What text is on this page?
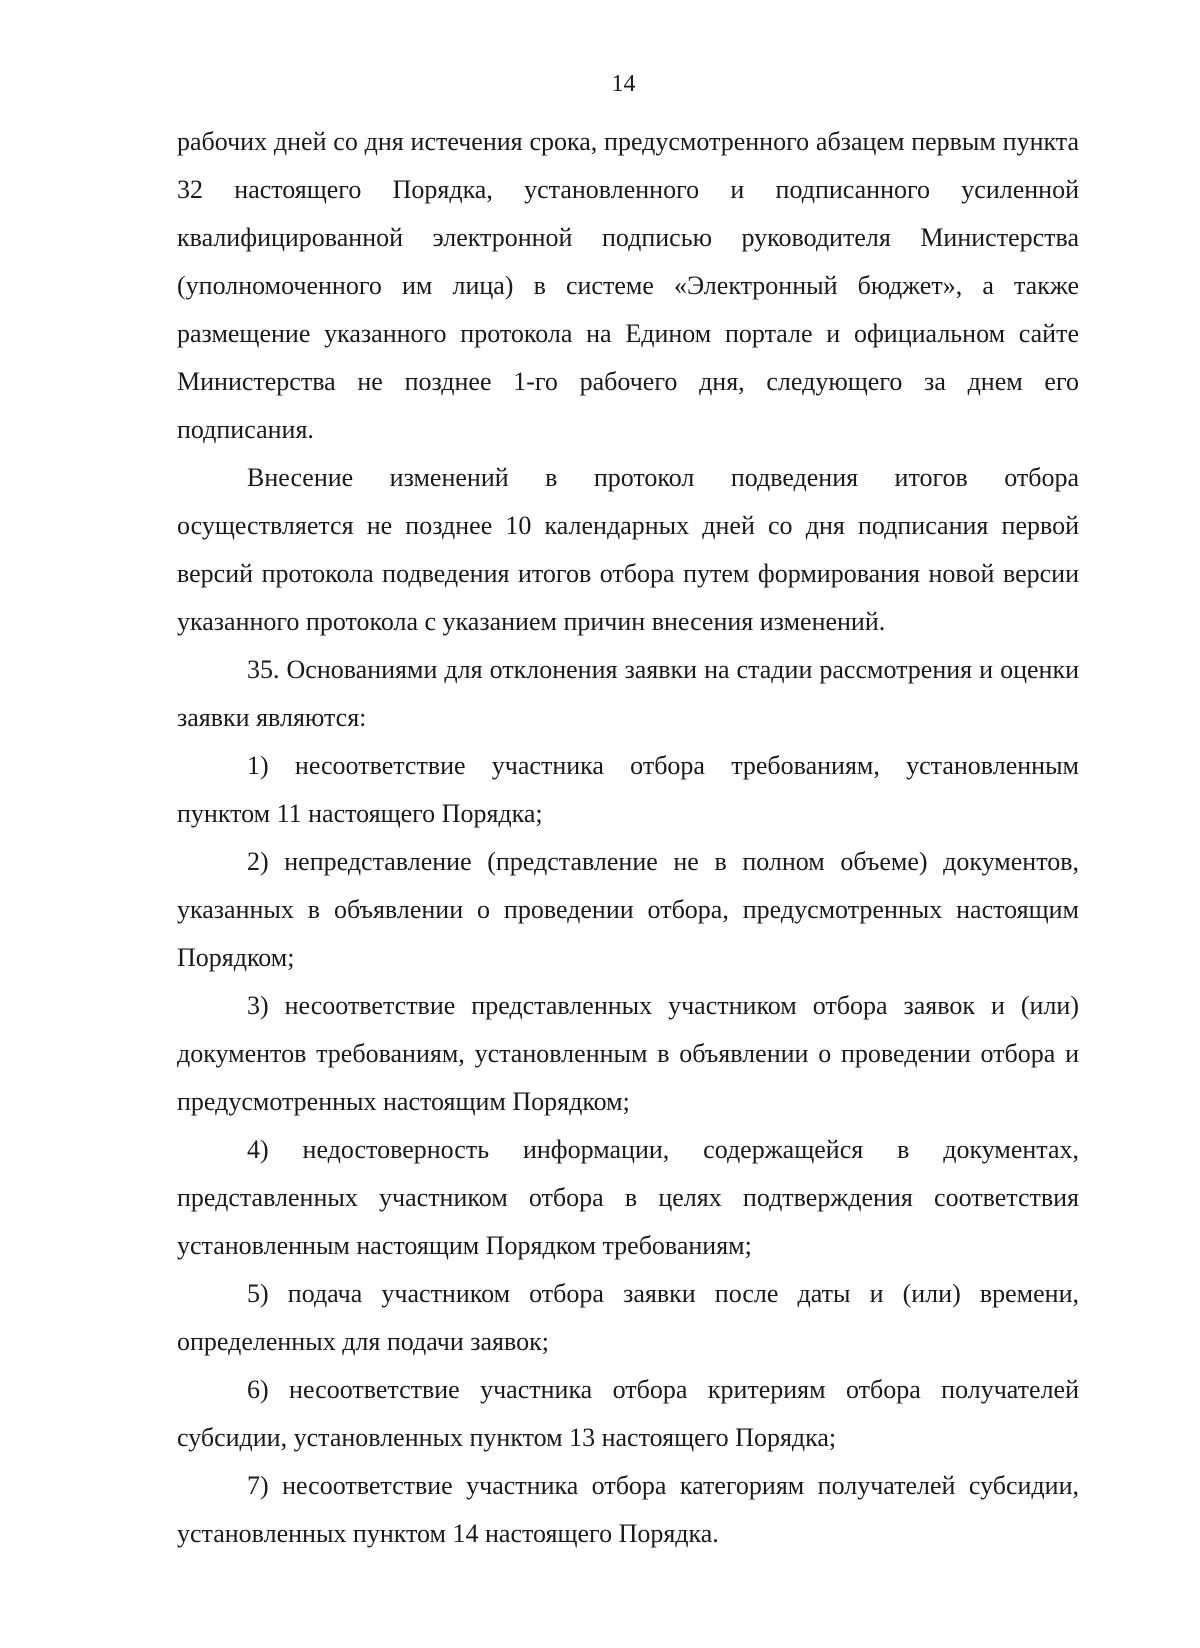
14

рабочих дней со дня истечения срока, предусмотренного абзацем первым пункта 32 настоящего Порядка, установленного и подписанного усиленной квалифицированной электронной подписью руководителя Министерства (уполномоченного им лица) в системе «Электронный бюджет», а также размещение указанного протокола на Едином портале и официальном сайте Министерства не позднее 1-го рабочего дня, следующего за днем его подписания.

Внесение изменений в протокол подведения итогов отбора осуществляется не позднее 10 календарных дней со дня подписания первой версий протокола подведения итогов отбора путем формирования новой версии указанного протокола с указанием причин внесения изменений.

35. Основаниями для отклонения заявки на стадии рассмотрения и оценки заявки являются:

1) несоответствие участника отбора требованиям, установленным пунктом 11 настоящего Порядка;

2) непредставление (представление не в полном объеме) документов, указанных в объявлении о проведении отбора, предусмотренных настоящим Порядком;

3) несоответствие представленных участником отбора заявок и (или) документов требованиям, установленным в объявлении о проведении отбора и предусмотренных настоящим Порядком;

4) недостоверность информации, содержащейся в документах, представленных участником отбора в целях подтверждения соответствия установленным настоящим Порядком требованиям;

5) подача участником отбора заявки после даты и (или) времени, определенных для подачи заявок;

6) несоответствие участника отбора критериям отбора получателей субсидии, установленных пунктом 13 настоящего Порядка;

7) несоответствие участника отбора категориям получателей субсидии, установленных пунктом 14 настоящего Порядка.
